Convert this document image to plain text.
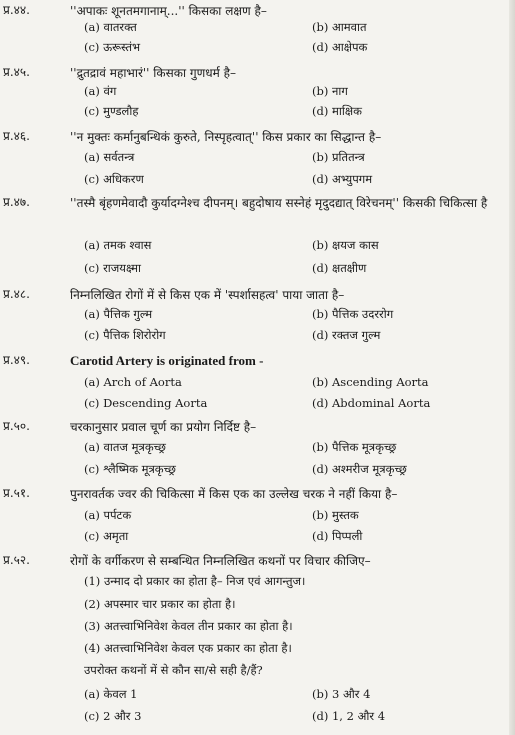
प्र.४४.	''अपाकः शूनतमगानाम्...'' किसका लक्षण है–
(a) वातरक्त	(b) आमवात
(c) ऊरूस्तंभ	(d) आक्षेपक
प्र.४५.	''द्रुतद्रावं महाभारं'' किसका गुणधर्म है–
(a) वंग	(b) नाग
(c) मुण्डलौह	(d) माक्षिक
प्र.४६.	''न मुक्तः कर्मानुबन्धिकं कुरुते, निस्पृहत्वात्'' किस प्रकार का सिद्धान्त है–
(a) सर्वतन्त्र	(b) प्रतितन्त्र
(c) अधिकरण	(d) अभ्युपगम
प्र.४७.	''तस्मै बृंहणमेवादौ कुर्यादग्नेश्च दीपनम्। बहुदोषाय सस्नेहं मृदुदद्यात् विरेचनम्'' किसकी चिकित्सा है
(a) तमक श्वास	(b) क्षयज कास
(c) राजयक्ष्मा	(d) क्षतक्षीण
प्र.४८.	निम्नलिखित रोगों में से किस एक में 'स्पर्शासहत्व' पाया जाता है–
(a) पैत्तिक गुल्म	(b) पैत्तिक उदररोग
(c) पैत्तिक शिरोरोग	(d) रक्तज गुल्म
प्र.४९.	Carotid Artery is originated from -
(a) Arch of Aorta	(b) Ascending Aorta
(c) Descending Aorta	(d) Abdominal Aorta
प्र.५०.	चरकानुसार प्रवाल चूर्ण का प्रयोग निर्दिष्ट है–
(a) वातज मूत्रकृच्छ्र	(b) पैत्तिक मूत्रकृच्छ्र
(c) श्लैष्मिक मूत्रकृच्छ्र	(d) अश्मरीज मूत्रकृच्छ्र
प्र.५१.	पुनरावर्तक ज्वर की चिकित्सा में किस एक का उल्लेख चरक ने नहीं किया है–
(a) पर्पटक	(b) मुस्तक
(c) अमृता	(d) पिप्पली
प्र.५२.	रोगों के वर्गीकरण से सम्बन्धित निम्नलिखित कथनों पर विचार कीजिए–
(1) उन्माद दो प्रकार का होता है– निज एवं आगन्तुज।
(2) अपस्मार चार प्रकार का होता है।
(3) अतत्त्वाभिनिवेश केवल तीन प्रकार का होता है।
(4) अतत्त्वाभिनिवेश केवल एक प्रकार का होता है।
उपरोक्त कथनों में से कौन सा/से सही है/हैं?
(a) केवल 1	(b) 3 और 4
(c) 2 और 3	(d) 1, 2 और 4
